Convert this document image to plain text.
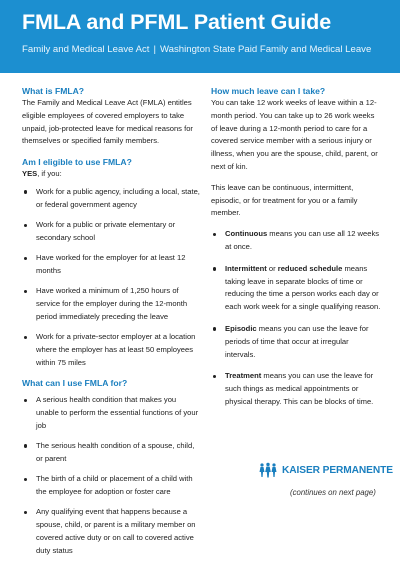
FMLA and PFML Patient Guide
Family and Medical Leave Act | Washington State Paid Family and Medical Leave
What is FMLA?

The Family and Medical Leave Act (FMLA) entitles eligible employees of covered employers to take unpaid, job-protected leave for medical reasons for themselves or specified family members.

Am I eligible to use FMLA?

YES, if you:

Work for a public agency, including a local, state, or federal government agency
Work for a public or private elementary or secondary school
Have worked for the employer for at least 12 months
Have worked a minimum of 1,250 hours of service for the employer during the 12-month period immediately preceding the leave
Work for a private-sector employer at a location where the employer has at least 50 employees within 75 miles
What can I use FMLA for?
A serious health condition that makes you unable to perform the essential functions of your job
The serious health condition of a spouse, child, or parent
The birth of a child or placement of a child with the employee for adoption or foster care
Any qualifying event that happens because a spouse, child, or parent is a military member on covered active duty or on call to covered active duty status
How much leave can I take?

You can take 12 work weeks of leave within a 12-month period. You can take up to 26 work weeks of leave during a 12-month period to care for a covered service member with a serious injury or illness, when you are the spouse, child, parent, or next of kin.

This leave can be continuous, intermittent, episodic, or for treatment for you or a family member.

Continuous means you can use all 12 weeks at once.
Intermittent or reduced schedule means taking leave in separate blocks of time or reducing the time a person works each day or each work week for a single qualifying reason.
Episodic means you can use the leave for periods of time that occur at irregular intervals.
Treatment means you can use the leave for such things as medical appointments or physical therapy. This can be blocks of time.
KAISER PERMANENTE
(continues on next page)
